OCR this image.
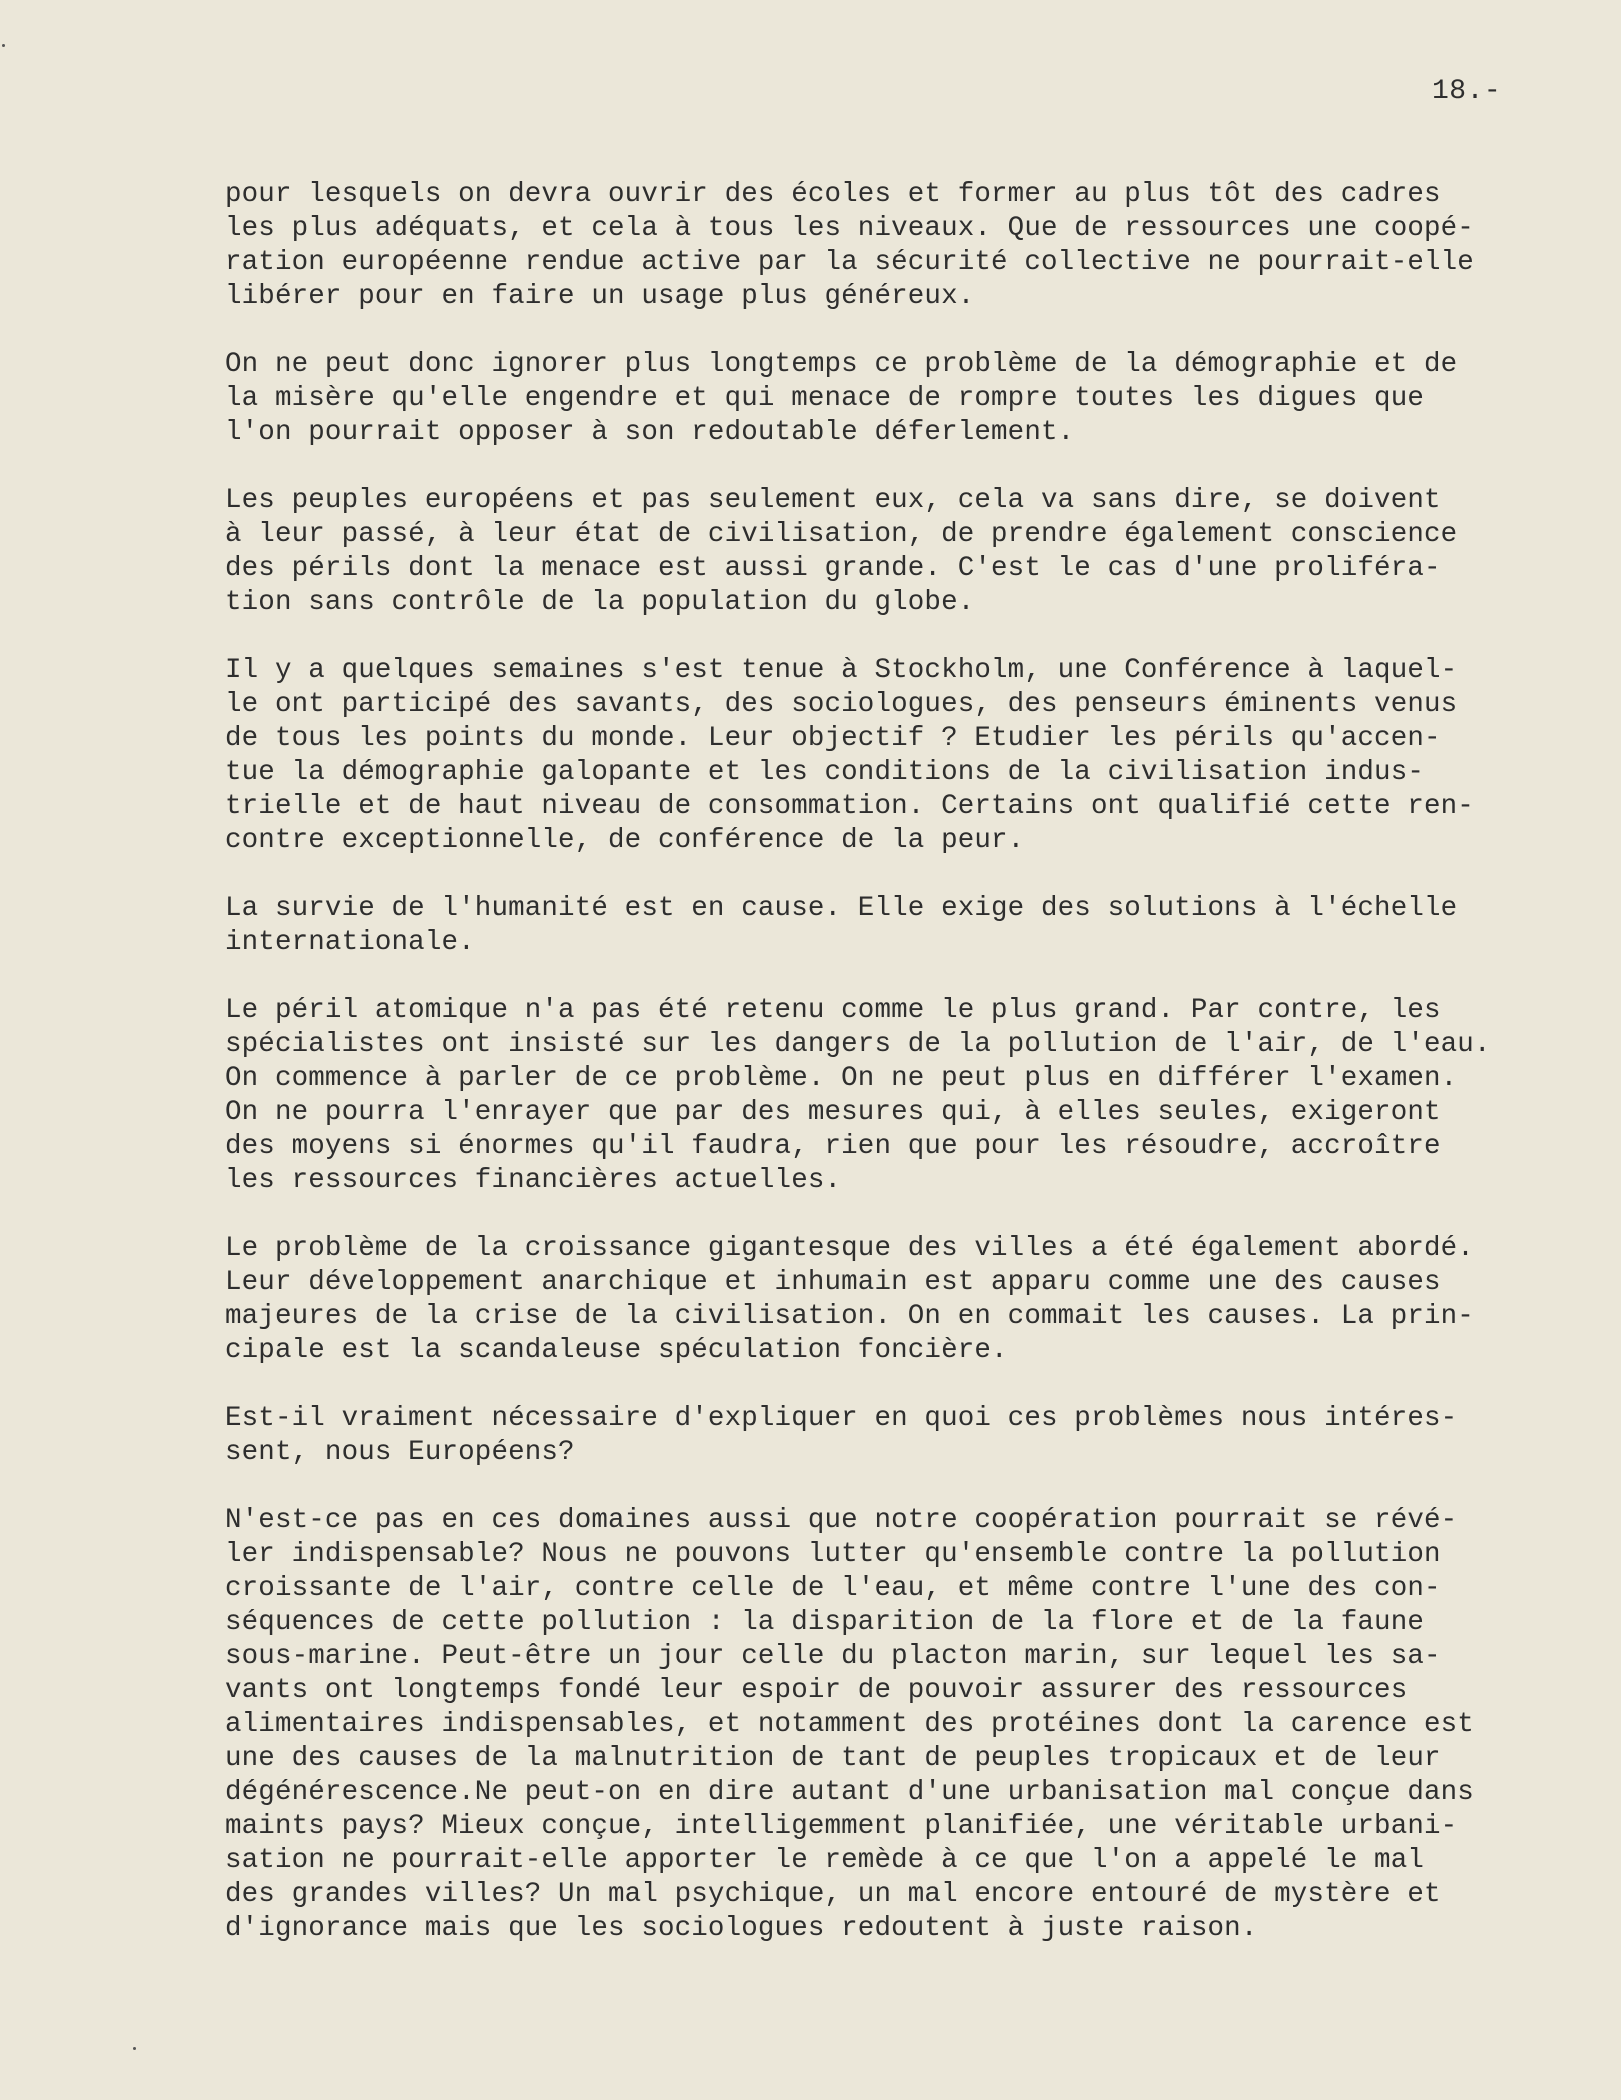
18.-
pour lesquels on devra ouvrir des écoles et former au plus tôt des cadres
les plus adéquats, et cela à tous les niveaux. Que de ressources une coopé-
ration européenne rendue active par la sécurité collective ne pourrait-elle
libérer pour en faire un usage plus généreux.
On ne peut donc ignorer plus longtemps ce problème de la démographie et de
la misère qu'elle engendre et qui menace de rompre toutes les digues que
l'on pourrait opposer à son redoutable déferlement.
Les peuples européens et pas seulement eux, cela va sans dire, se doivent
à leur passé, à leur état de civilisation, de prendre également conscience
des périls dont la menace est aussi grande. C'est le cas d'une proliféra-
tion sans contrôle de la population du globe.
Il y a quelques semaines s'est tenue à Stockholm, une Conférence à laquel-
le ont participé des savants, des sociologues, des penseurs éminents venus
de tous les points du monde. Leur objectif ? Etudier les périls qu'accen-
tue la démographie galopante et les conditions de la civilisation indus-
trielle et de haut niveau de consommation. Certains ont qualifié cette ren-
contre exceptionnelle, de conférence de la peur.
La survie de l'humanité est en cause. Elle exige des solutions à l'échelle
internationale.
Le péril atomique n'a pas été retenu comme le plus grand. Par contre, les
spécialistes ont insisté sur les dangers de la pollution de l'air, de l'eau.
On commence à parler de ce problème. On ne peut plus en différer l'examen.
On ne pourra l'enrayer que par des mesures qui, à elles seules, exigeront
des moyens si énormes qu'il faudra, rien que pour les résoudre, accroître
les ressources financières actuelles.
Le problème de la croissance gigantesque des villes a été également abordé.
Leur développement anarchique et inhumain est apparu comme une des causes
majeures de la crise de la civilisation. On en commait les causes. La prin-
cipale est la scandaleuse spéculation foncière.
Est-il vraiment nécessaire d'expliquer en quoi ces problèmes nous intéres-
sent, nous Européens?
N'est-ce pas en ces domaines aussi que notre coopération pourrait se révé-
ler indispensable? Nous ne pouvons lutter qu'ensemble contre la pollution
croissante de l'air, contre celle de l'eau, et même contre l'une des con-
séquences de cette pollution : la disparition de la flore et de la faune
sous-marine. Peut-être un jour celle du placton marin, sur lequel les sa-
vants ont longtemps fondé leur espoir de pouvoir assurer des ressources
alimentaires indispensables, et notamment des protéines dont la carence est
une des causes de la malnutrition de tant de peuples tropicaux et de leur
dégénérescence.Ne peut-on en dire autant d'une urbanisation mal conçue dans
maints pays? Mieux conçue, intelligemment planifiée, une véritable urbani-
sation ne pourrait-elle apporter le remède à ce que l'on a appelé le mal
des grandes villes? Un mal psychique, un mal encore entouré de mystère et
d'ignorance mais que les sociologues redoutent à juste raison.
